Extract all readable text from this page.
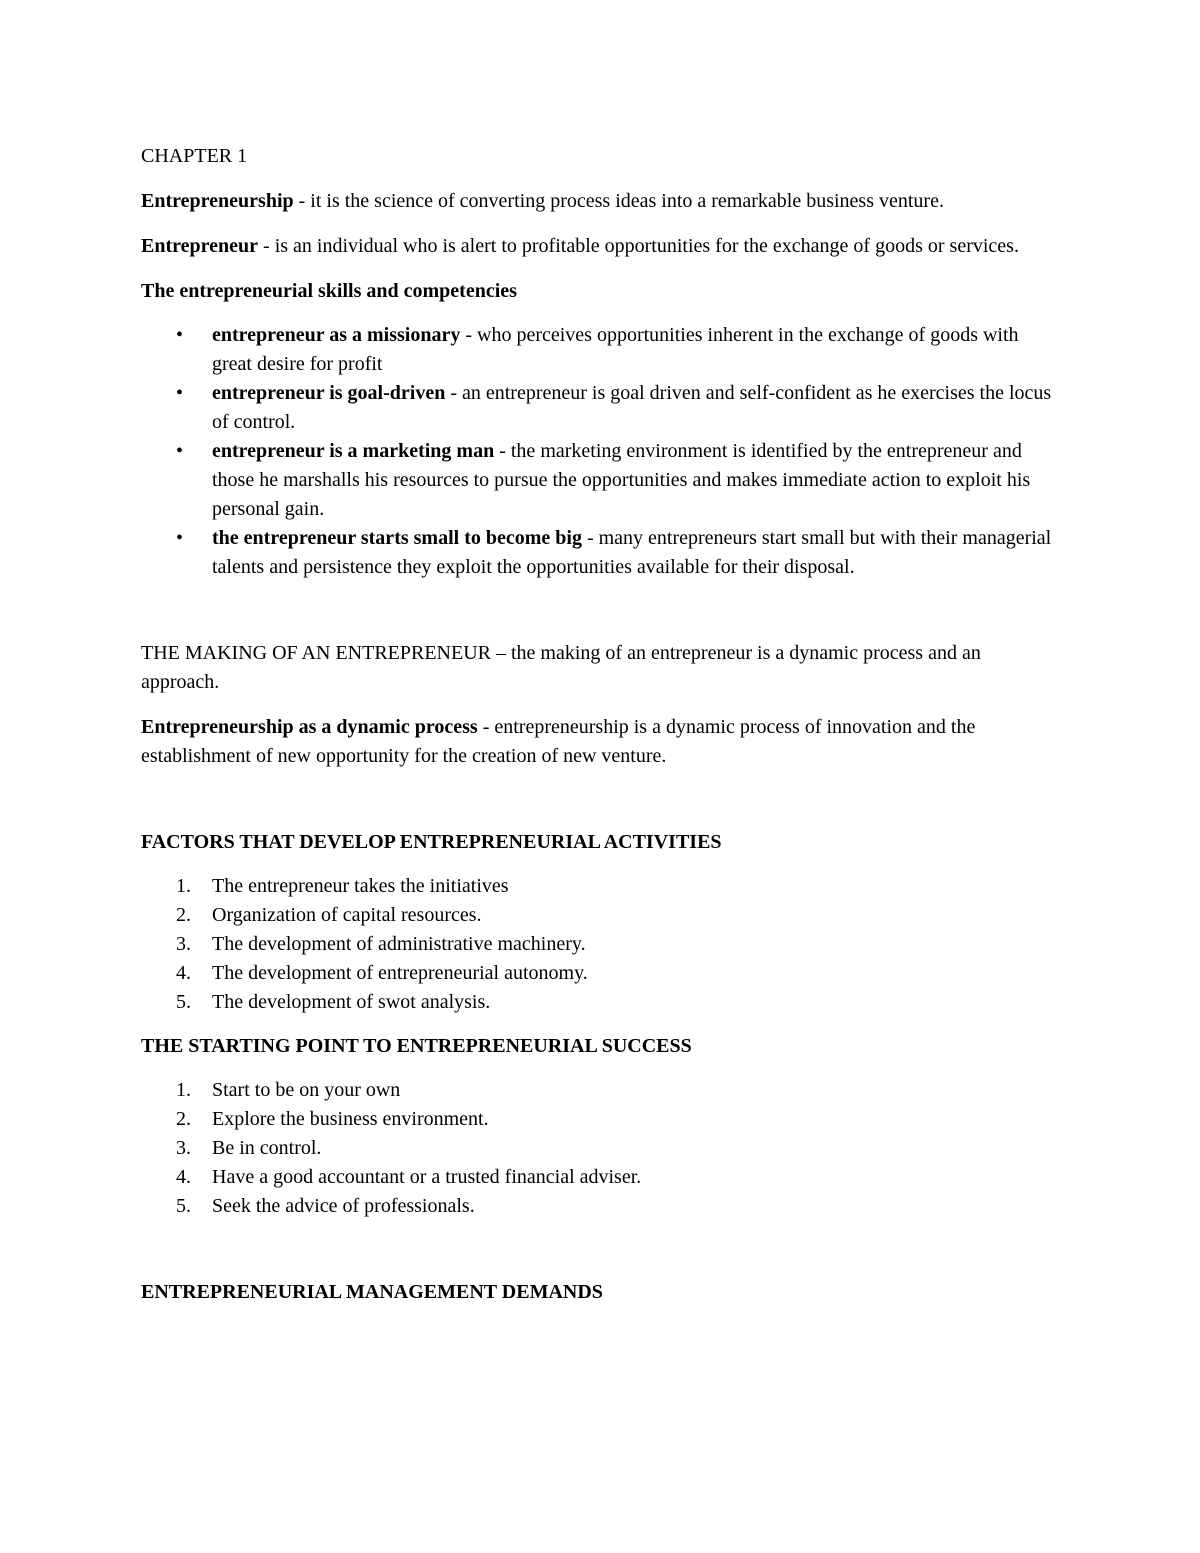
CHAPTER 1

Entrepreneurship - it is the science of converting process ideas into a remarkable business venture.

Entrepreneur - is an individual who is alert to profitable opportunities for the exchange of goods or services.

The entrepreneurial skills and competencies

• entrepreneur as a missionary - who perceives opportunities inherent in the exchange of goods with great desire for profit
• entrepreneur is goal-driven - an entrepreneur is goal driven and self-confident as he exercises the locus of control.
• entrepreneur is a marketing man - the marketing environment is identified by the entrepreneur and those he marshalls his resources to pursue the opportunities and makes immediate action to exploit his personal gain.
• the entrepreneur starts small to become big - many entrepreneurs start small but with their managerial talents and persistence they exploit the opportunities available for their disposal.

THE MAKING OF AN ENTREPRENEUR – the making of an entrepreneur is a dynamic process and an approach.

Entrepreneurship as a dynamic process - entrepreneurship is a dynamic process of innovation and the establishment of new opportunity for the creation of new venture.

FACTORS THAT DEVELOP ENTREPRENEURIAL ACTIVITIES

1. The entrepreneur takes the initiatives
2. Organization of capital resources.
3. The development of administrative machinery.
4. The development of entrepreneurial autonomy.
5. The development of swot analysis.

THE STARTING POINT TO ENTREPRENEURIAL SUCCESS

1. Start to be on your own
2. Explore the business environment.
3. Be in control.
4. Have a good accountant or a trusted financial adviser.
5. Seek the advice of professionals.

ENTREPRENEURIAL MANAGEMENT DEMANDS
